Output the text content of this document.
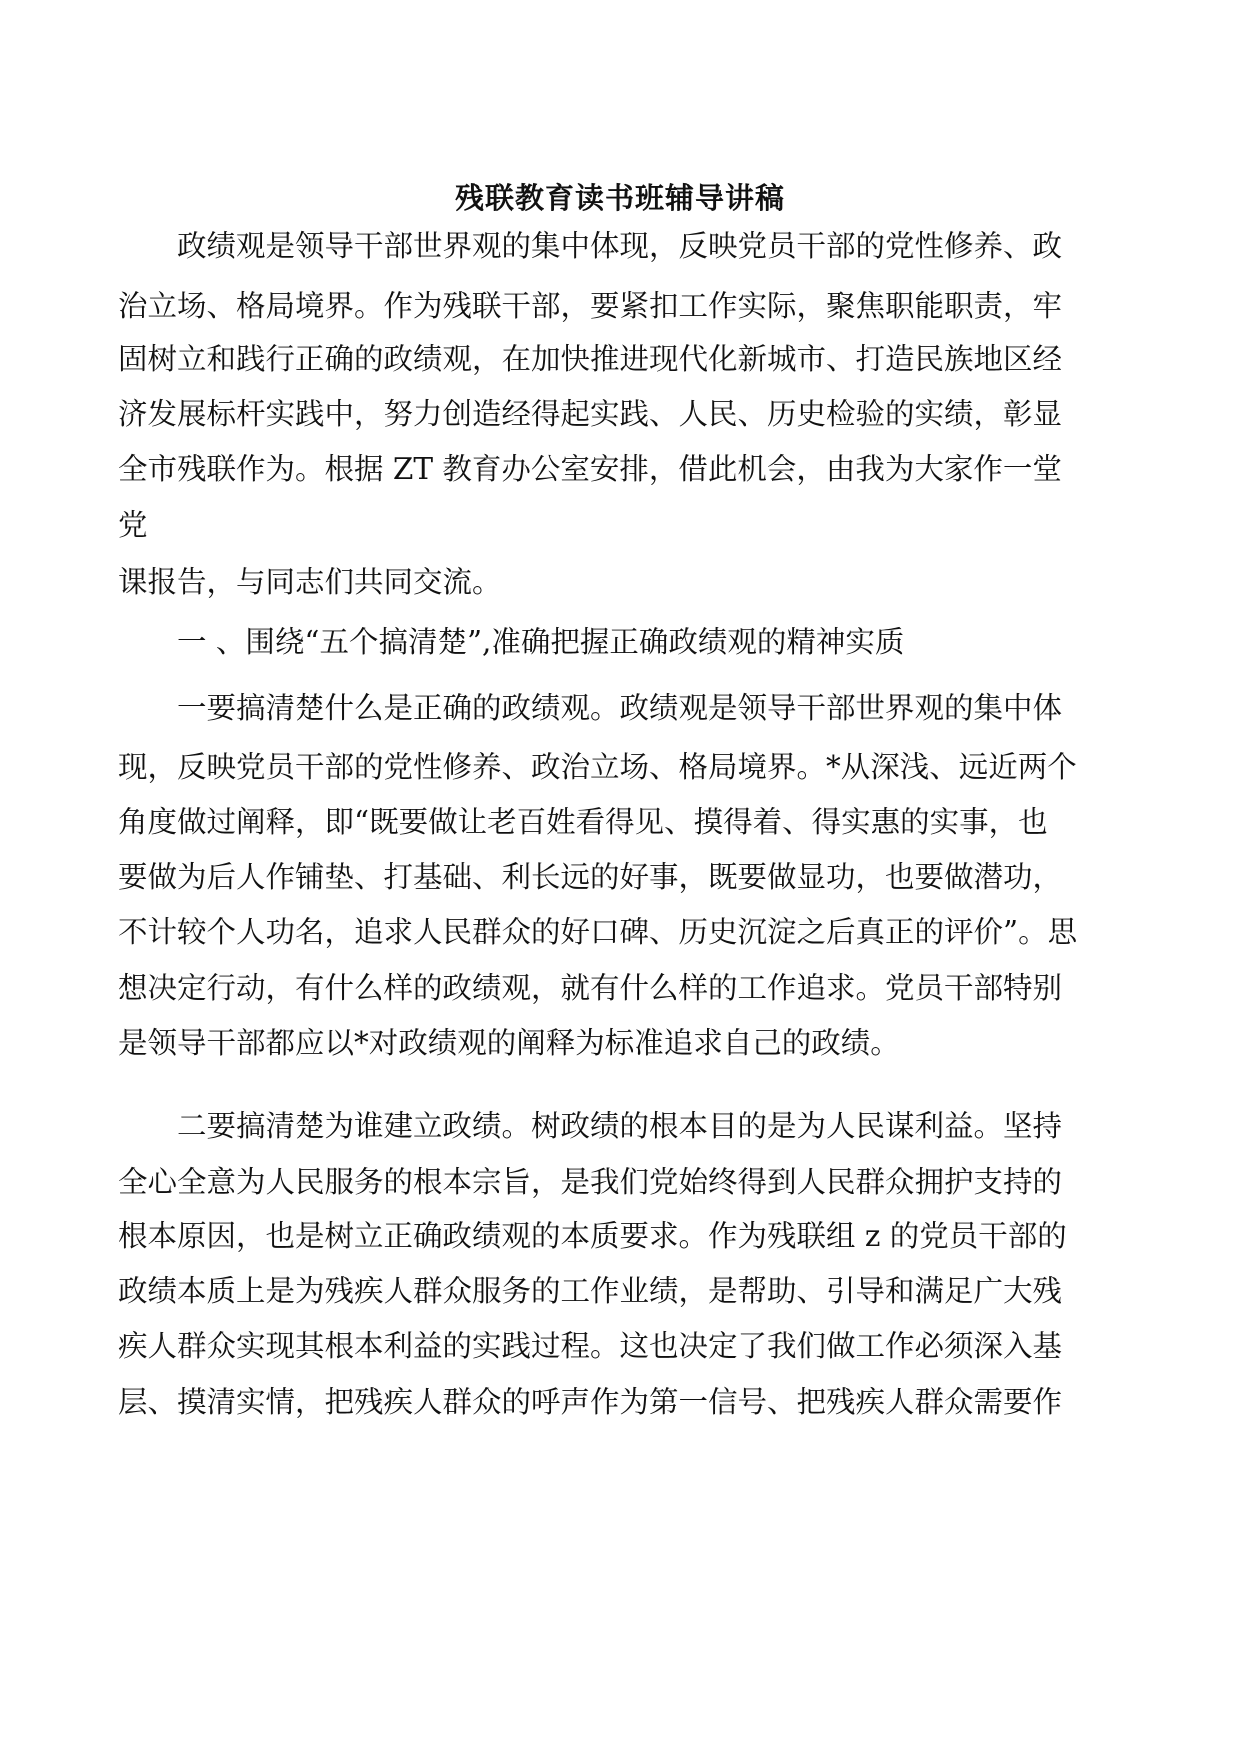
残联教育读书班辅导讲稿
政绩观是领导干部世界观的集中体现，反映党员干部的党性修养、政
治立场、格局境界。作为残联干部，要紧扣工作实际，聚焦职能职责，牢
固树立和践行正确的政绩观，在加快推进现代化新城市、打造民族地区经
济发展标杆实践中，努力创造经得起实践、人民、历史检验的实绩，彰显
全市残联作为。根据 ZT 教育办公室安排，借此机会，由我为大家作一堂
党
课报告，与同志们共同交流。
一 、围绕“五个搞清楚”,准确把握正确政绩观的精神实质
一要搞清楚什么是正确的政绩观。政绩观是领导干部世界观的集中体
现，反映党员干部的党性修养、政治立场、格局境界。*从深浅、远近两个
角度做过阐释，即“既要做让老百姓看得见、摸得着、得实惠的实事，也
要做为后人作铺垫、打基础、利长远的好事，既要做显功，也要做潜功，
不计较个人功名，追求人民群众的好口碑、历史沉淀之后真正的评价”。思
想决定行动，有什么样的政绩观，就有什么样的工作追求。党员干部特别
是领导干部都应以*对政绩观的阐释为标准追求自己的政绩。
二要搞清楚为谁建立政绩。树政绩的根本目的是为人民谋利益。坚持
全心全意为人民服务的根本宗旨，是我们党始终得到人民群众拥护支持的
根本原因，也是树立正确政绩观的本质要求。作为残联组 z 的党员干部的
政绩本质上是为残疾人群众服务的工作业绩，是帮助、引导和满足广大残
疾人群众实现其根本利益的实践过程。这也决定了我们做工作必须深入基
层、摸清实情，把残疾人群众的呼声作为第一信号、把残疾人群众需要作
